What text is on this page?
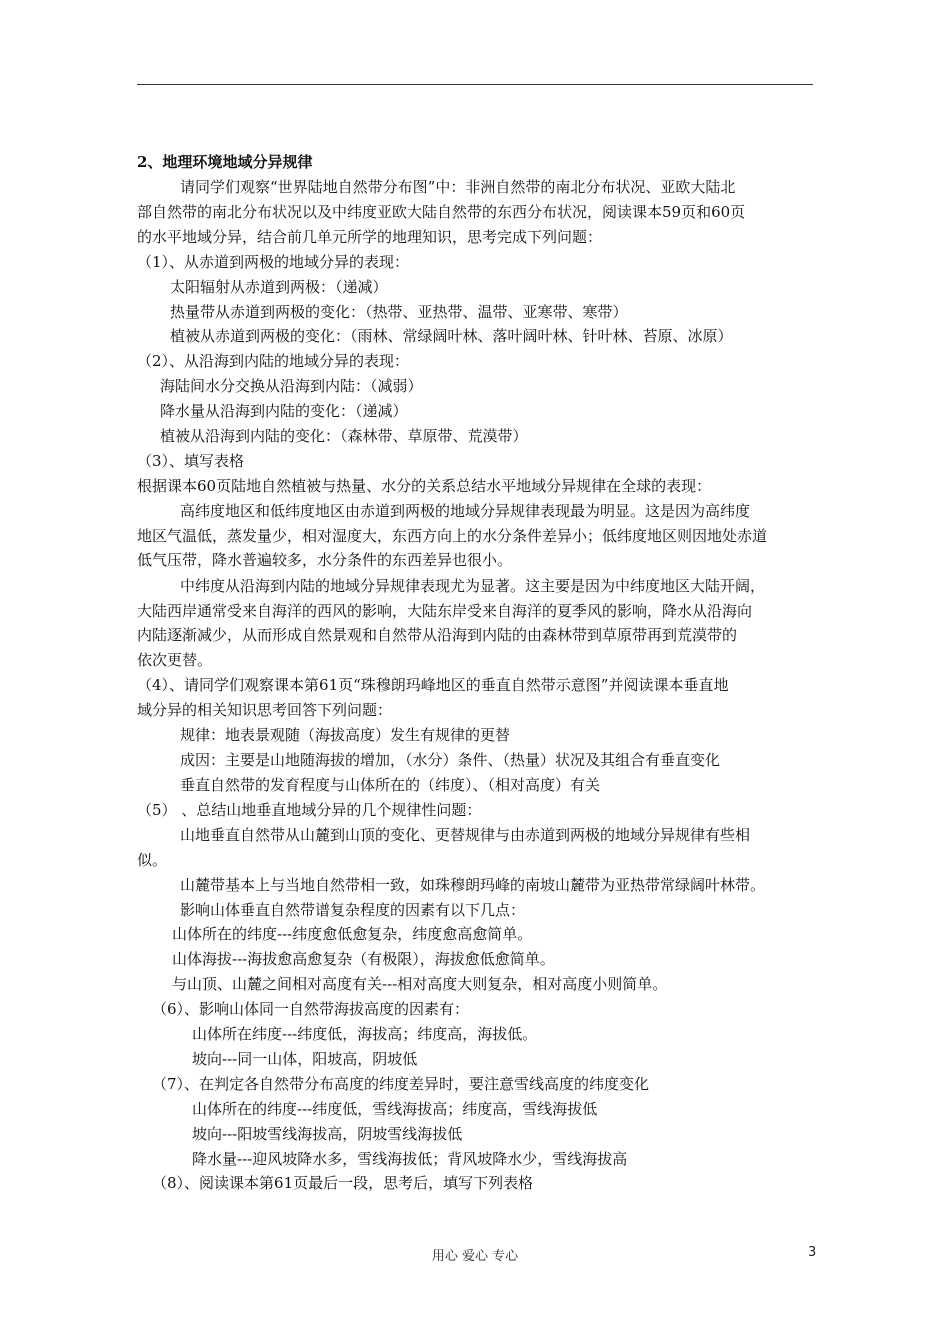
2、地理环境地域分异规律
请同学们观察“世界陆地自然带分布图”中：非洲自然带的南北分布状况、亚欧大陆北
部自然带的南北分布状况以及中纬度亚欧大陆自然带的东西分布状况，阅读课本59页和60页
的水平地域分异，结合前几单元所学的地理知识，思考完成下列问题：
（1）、从赤道到两极的地域分异的表现：
太阳辐射从赤道到两极：（递减）
热量带从赤道到两极的变化：（热带、亚热带、温带、亚寒带、寒带）
植被从赤道到两极的变化：（雨林、常绿阔叶林、落叶阔叶林、针叶林、苔原、冰原）
（2）、从沿海到内陆的地域分异的表现：
海陆间水分交换从沿海到内陆：（减弱）
降水量从沿海到内陆的变化：（递减）
植被从沿海到内陆的变化：（森林带、草原带、荒漠带）
（3）、填写表格
根据课本60页陆地自然植被与热量、水分的关系总结水平地域分异规律在全球的表现：
高纬度地区和低纬度地区由赤道到两极的地域分异规律表现最为明显。这是因为高纬度
地区气温低，蒸发量少，相对湿度大，东西方向上的水分条件差异小；低纬度地区则因地处赤道
低气压带，降水普遍较多，水分条件的东西差异也很小。
中纬度从沿海到内陆的地域分异规律表现尤为显著。这主要是因为中纬度地区大陆开阔，
大陆西岸通常受来自海洋的西风的影响，大陆东岸受来自海洋的夏季风的影响，降水从沿海向
内陆逐渐减少，从而形成自然景观和自然带从沿海到内陆的由森林带到草原带再到荒漠带的
依次更替。
（4）、请同学们观察课本第61页“珠穆朗玛峰地区的垂直自然带示意图”并阅读课本垂直地
域分异的相关知识思考回答下列问题：
规律：地表景观随（海拔高度）发生有规律的更替
成因：主要是山地随海拔的增加，（水分）条件、（热量）状况及其组合有垂直变化
垂直自然带的发育程度与山体所在的（纬度）、（相对高度）有关
（5） 、总结山地垂直地域分异的几个规律性问题：
山地垂直自然带从山麓到山顶的变化、更替规律与由赤道到两极的地域分异规律有些相
似。
山麓带基本上与当地自然带相一致，如珠穆朗玛峰的南坡山麓带为亚热带常绿阔叶林带。
影响山体垂直自然带谱复杂程度的因素有以下几点：
山体所在的纬度---纬度愈低愈复杂，纬度愈高愈简单。
山体海拔---海拔愈高愈复杂（有极限），海拔愈低愈简单。
与山顶、山麓之间相对高度有关---相对高度大则复杂，相对高度小则简单。
（6）、影响山体同一自然带海拔高度的因素有：
山体所在纬度---纬度低，海拔高；纬度高，海拔低。
坡向---同一山体，阳坡高，阴坡低
（7）、在判定各自然带分布高度的纬度差异时，要注意雪线高度的纬度变化
山体所在的纬度---纬度低，雪线海拔高；纬度高，雪线海拔低
坡向---阳坡雪线海拔高，阴坡雪线海拔低
降水量---迎风坡降水多，雪线海拔低；背风坡降水少，雪线海拔高
（8）、阅读课本第61页最后一段，思考后，填写下列表格
用心 爱心 专心	3
